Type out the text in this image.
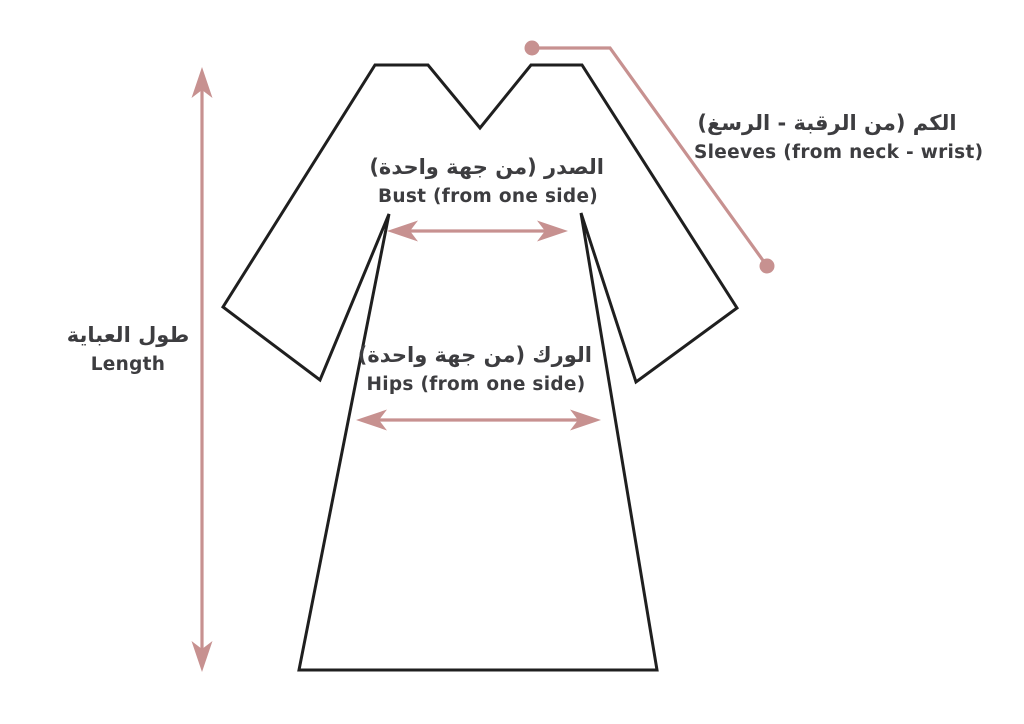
طول العباية
Length
الكم (من الرقبة - الرسغ)
Sleeves (from neck - wrist)
الصدر (من جهة واحدة)
Bust (from one side)
الورك (من جهة واحدة)
Hips (from one side)
